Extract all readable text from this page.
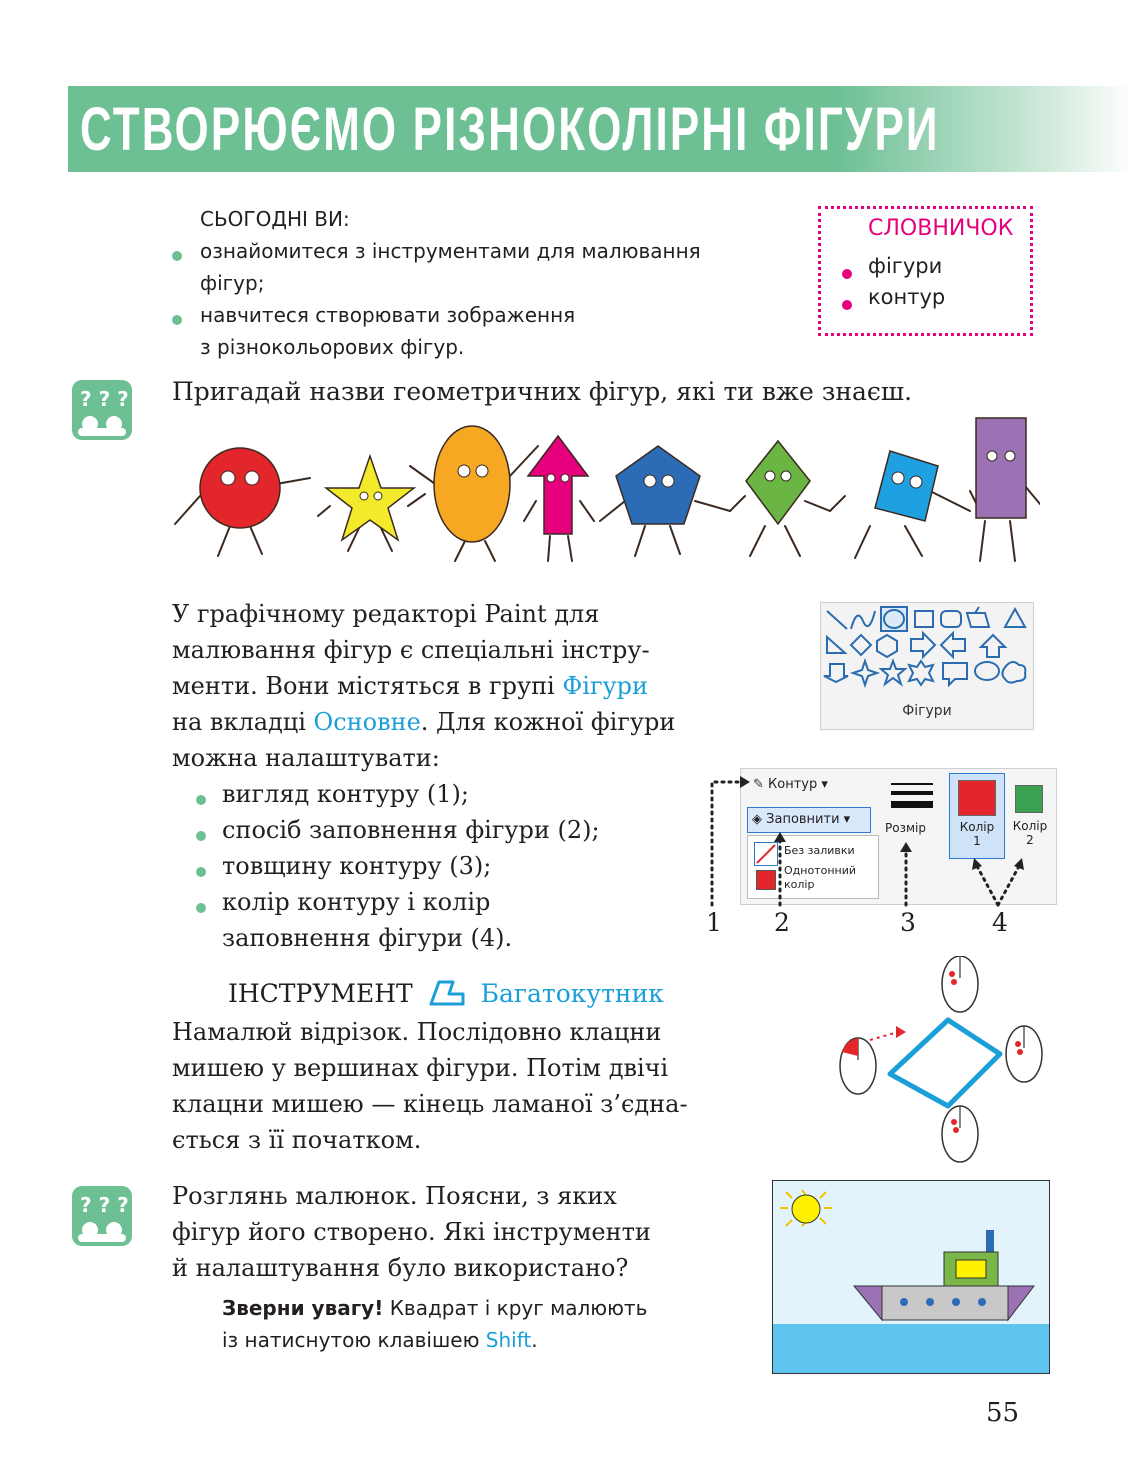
СТВОРЮЄМО РІЗНОКОЛІРНІ ФІГУРИ
СЬОГОДНІ ВИ:
ознайомитеся з інструментами для малювання
фігур;
навчитеся створювати зображення
з різнокольорових фігур.
СЛОВНИЧОК
фігури
контур
? ? ? Пригадай назви геометричних фігур, які ти вже знаєш.
У графічному редакторі Paint для
малювання фігур є спеціальні інстру-
менти. Вони містяться в групі Фігури
на вкладці Основне. Для кожної фігури
можна налаштувати:
вигляд контуру (1);
спосіб заповнення фігури (2);
товщину контуру (3);
колір контуру і колір
заповнення фігури (4).
Фігури
✎ Контур ▾
◈ Заповнити ▾
Без заливки
Однотонний
колір
Розмір	Колір
1
Колір
2
1 2	3	4
ІНСТРУМЕНТ	Багатокутник
Намалюй відрізок. Послідовно клацни
мишею у вершинах фігури. Потім двічі
клацни мишею — кінець ламаної з’єдна-
ється з її початком.
? ? ? Розглянь малюнок. Поясни, з яких
фігур його створено. Які інструменти
й налаштування було використано?
Зверни увагу! Квадрат і круг малюють
із натиснутою клавішею Shift.
55
